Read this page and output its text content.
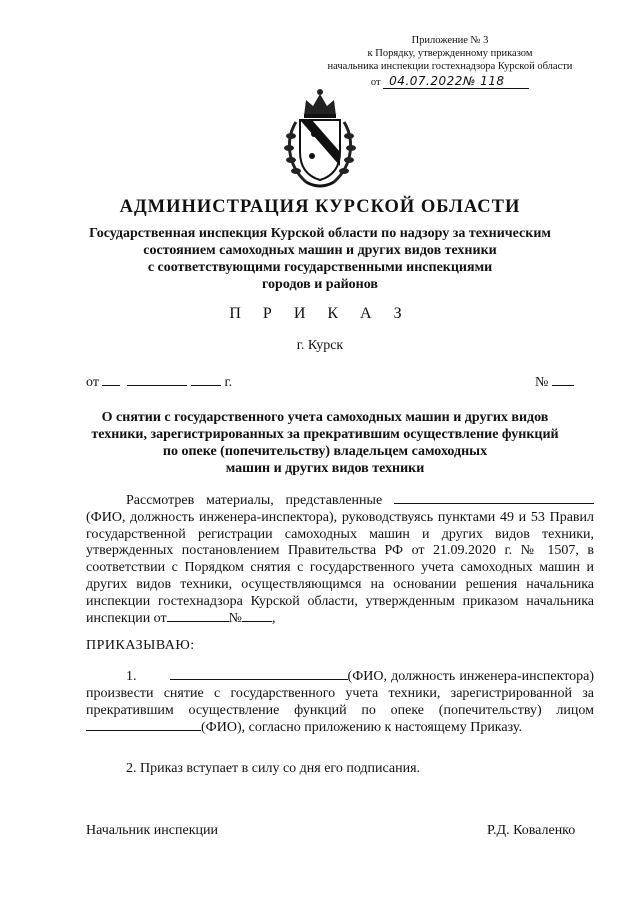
Приложение № 3
к Порядку, утвержденному приказом
начальника инспекции гостехнадзора Курской области
от 04.07.2022№ 118
АДМИНИСТРАЦИЯ КУРСКОЙ ОБЛАСТИ
Государственная инспекция Курской области по надзору за техническим
состоянием самоходных машин и других видов техники
с соответствующими государственными инспекциями
городов и районов
П Р И К А З
г. Курск
от	г.	№
О снятии с государственного учета самоходных машин и других видов
техники, зарегистрированных за прекратившим осуществление функций
по опеке (попечительству) владельцем самоходных
машин и других видов техники
Рассмотрев материалы, представленные  (ФИО, должность инженера-инспектора), руководствуясь пунктами 49 и 53 Правил государственной регистрации самоходных машин и других видов техники, утвержденных постановлением Правительства РФ от 21.09.2020 г. № 1507, в соответствии с Порядком снятия с государственного учета самоходных машин и других видов техники, осуществляющимся на основании решения начальника инспекции гостехнадзора Курской области, утвержденным приказом начальника инспекции от	№ ,
ПРИКАЗЫВАЮ:
1.	(ФИО, должность инженера-инспектора) произвести снятие с государственного учета техники, зарегистрированной за прекратившим осуществление функций по опеке (попечительству) лицом(ФИО), согласно приложению к настоящему Приказу.
2. Приказ вступает в силу со дня его подписания.
Начальник инспекции	Р.Д. Коваленко
